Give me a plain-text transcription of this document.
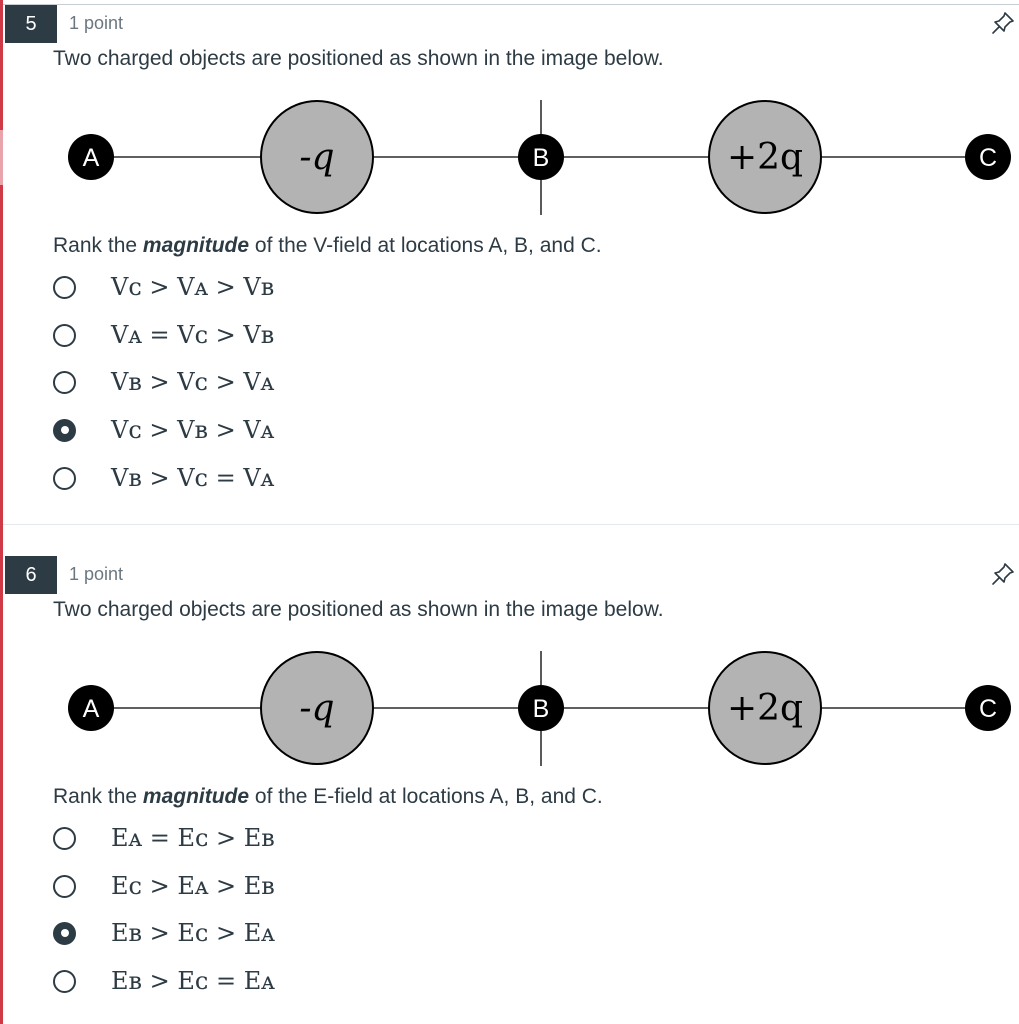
5	1 point
Two charged objects are positioned as shown in the image below.
-q	+2q
A	B	C
Rank the magnitude of the V-field at locations A, B, and C.
Vᴄ > Vᴀ > Vʙ
Vᴀ = Vᴄ > Vʙ
Vʙ > Vᴄ > Vᴀ
Vᴄ > Vʙ > Vᴀ
Vʙ > Vᴄ = Vᴀ
6	1 point
Two charged objects are positioned as shown in the image below.
-q	+2q
A	B	C
Rank the magnitude of the E-field at locations A, B, and C.
Eᴀ = Eᴄ > Eʙ
Eᴄ > Eᴀ > Eʙ
Eʙ > Eᴄ > Eᴀ
Eʙ > Eᴄ = Eᴀ
